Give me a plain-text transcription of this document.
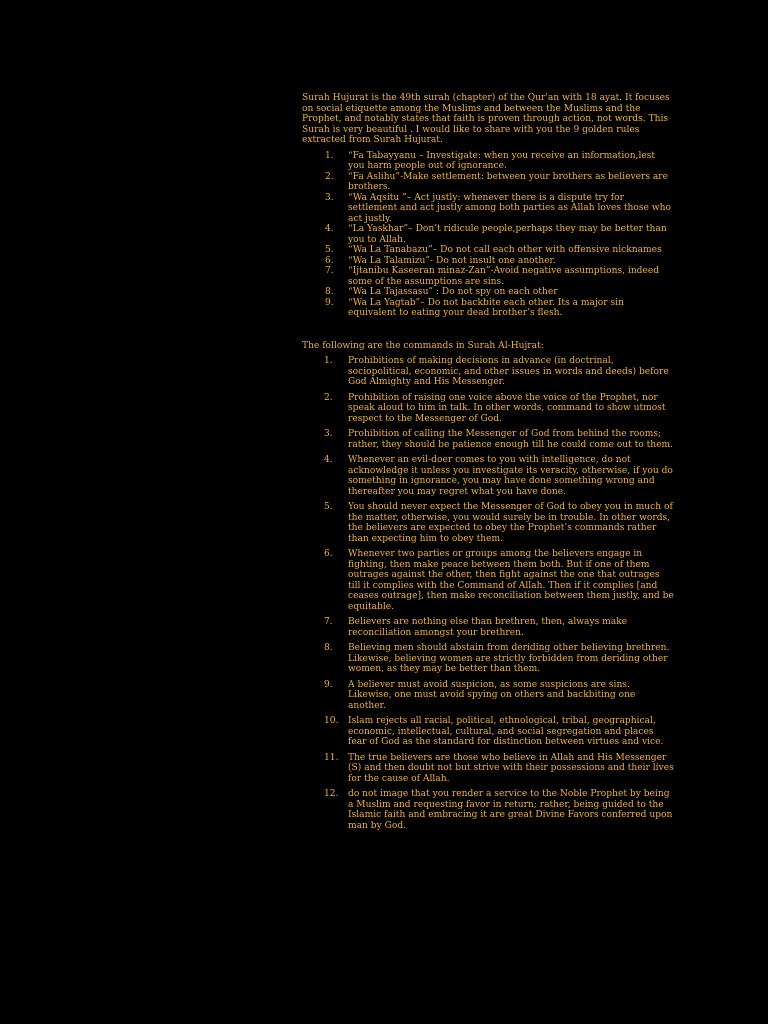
Surah Hujurat is the 49th surah (chapter) of the Qur'an with 18 ayat. It focuses on social etiquette among the Muslims and between the Muslims and the Prophet, and notably states that faith is proven through action, not words. This Surah is very beautiful . I would like to share with you the 9 golden rules extracted from Surah Hujurat.

1. “Fa Tabayyanu – Investigate: when you receive an information,lest you harm people out of ignorance.
2. “Fa Aslihu”-Make settlement: between your brothers as believers are brothers.
3. “Wa Aqsitu ”– Act justly: whenever there is a dispute try for settlement and act justly among both parties as Allah loves those who act justly.
4. “La Yaskhar”– Don’t ridicule people,perhaps they may be better than you to Allah.
5. “Wa La Tanabazu”– Do not call each other with offensive nicknames
6. “Wa La Talamizu”- Do not insult one another.
7. “Ijtanibu Kaseeran minaz-Zan”-Avoid negative assumptions, indeed some of the assumptions are sins.
8. “Wa La Tajassasu” : Do not spy on each other
9. “Wa La Yagtab”– Do not backbite each other. Its a major sin equivalent to eating your dead brother’s flesh.

The following are the commands in Surah Al-Hujrat:

1. Prohibitions of making decisions in advance (in doctrinal, sociopolitical, economic, and other issues in words and deeds) before God Almighty and His Messenger.
2. Prohibition of raising one voice above the voice of the Prophet, nor speak aloud to him in talk. In other words, command to show utmost respect to the Messenger of God.
3. Prohibition of calling the Messenger of God from behind the rooms; rather, they should be patience enough till he could come out to them.
4. Whenever an evil-doer comes to you with intelligence, do not acknowledge it unless you investigate its veracity, otherwise, if you do something in ignorance, you may have done something wrong and thereafter you may regret what you have done.
5. You should never expect the Messenger of God to obey you in much of the matter, otherwise, you would surely be in trouble. In other words, the believers are expected to obey the Prophet’s commands rather than expecting him to obey them.
6. Whenever two parties or groups among the believers engage in fighting, then make peace between them both. But if one of them outrages against the other, then fight against the one that outrages till it complies with the Command of Allah. Then if it complies [and ceases outrage], then make reconciliation between them justly, and be equitable.
7. Believers are nothing else than brethren, then, always make reconciliation amongst your brethren.
8. Believing men should abstain from deriding other believing brethren. Likewise, believing women are strictly forbidden from deriding other women, as they may be better than them.
9. A believer must avoid suspicion, as some suspicions are sins. Likewise, one must avoid spying on others and backbiting one another.
10. Islam rejects all racial, political, ethnological, tribal, geographical, economic, intellectual, cultural, and social segregation and places fear of God as the standard for distinction between virtues and vice.
11. The true believers are those who believe in Allah and His Messenger (S) and then doubt not but strive with their possessions and their lives for the cause of Allah.
12. do not image that you render a service to the Noble Prophet by being a Muslim and requesting favor in return; rather, being guided to the Islamic faith and embracing it are great Divine Favors conferred upon man by God.
